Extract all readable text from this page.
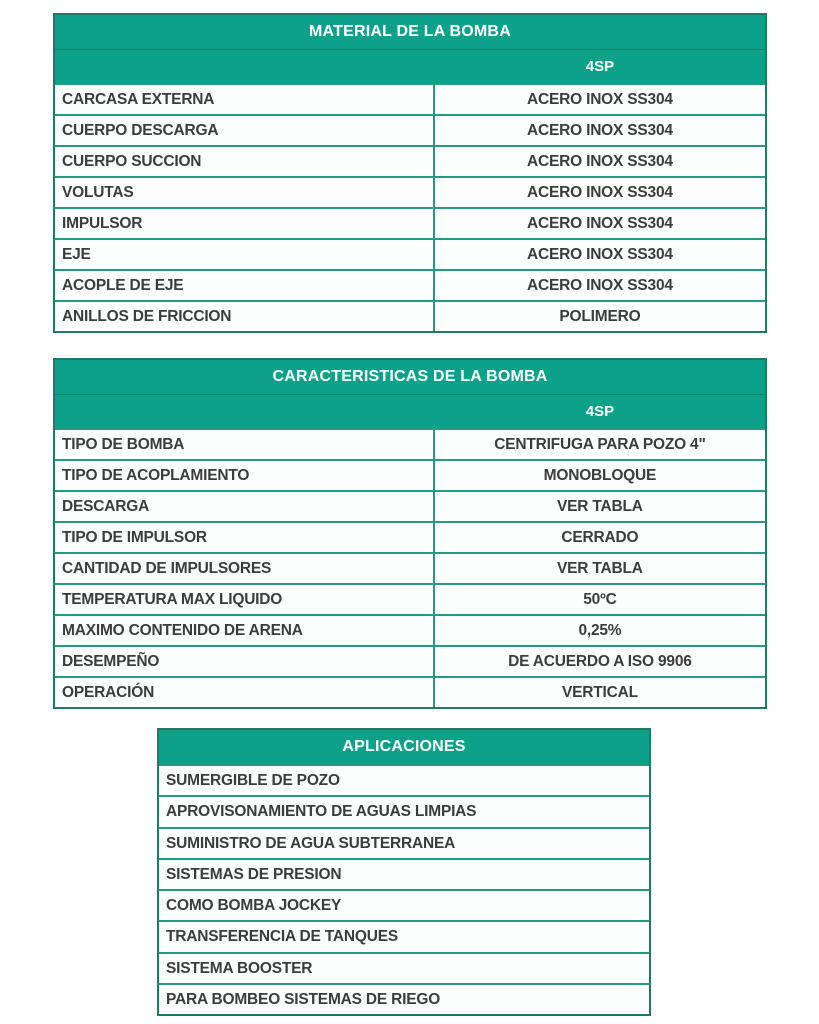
MATERIAL DE LA BOMBA
4SP
CARCASA EXTERNA	ACERO INOX SS304
CUERPO DESCARGA	ACERO INOX SS304
CUERPO SUCCION	ACERO INOX SS304
VOLUTAS	ACERO INOX SS304
IMPULSOR	ACERO INOX SS304
EJE	ACERO INOX SS304
ACOPLE DE EJE	ACERO INOX SS304
ANILLOS DE FRICCION	POLIMERO
CARACTERISTICAS DE LA BOMBA
4SP
TIPO DE BOMBA	CENTRIFUGA PARA POZO 4"
TIPO DE ACOPLAMIENTO	MONOBLOQUE
DESCARGA	VER TABLA
TIPO DE IMPULSOR	CERRADO
CANTIDAD DE IMPULSORES	VER TABLA
TEMPERATURA MAX LIQUIDO	50ºC
MAXIMO CONTENIDO DE ARENA	0,25%
DESEMPEÑO	DE ACUERDO A ISO 9906
OPERACIÓN	VERTICAL
APLICACIONES
SUMERGIBLE DE POZO
APROVISONAMIENTO DE AGUAS LIMPIAS
SUMINISTRO DE AGUA SUBTERRANEA
SISTEMAS DE PRESION
COMO BOMBA JOCKEY
TRANSFERENCIA DE TANQUES
SISTEMA BOOSTER
PARA BOMBEO SISTEMAS DE RIEGO
